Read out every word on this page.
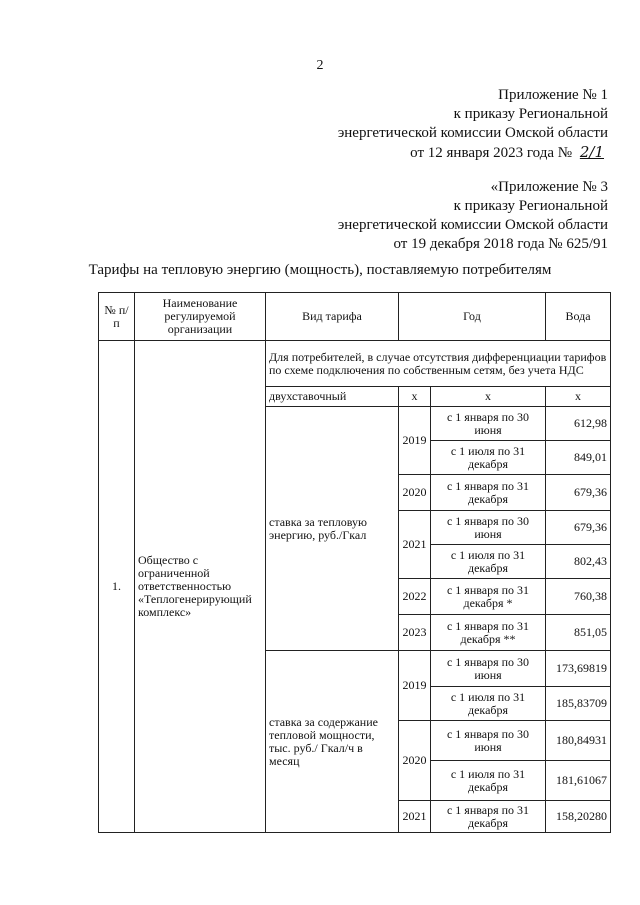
2
Приложение № 1
к приказу Региональной
энергетической комиссии Омской области
от 12 января 2023 года № 2/1
«Приложение № 3
к приказу Региональной
энергетической комиссии Омской области
от 19 декабря 2018 года № 625/91
Тарифы на тепловую энергию (мощность), поставляемую потребителям
№ п/п	Наименование регулируемой организации	Вид тарифа	Год		Вода
1.	Общество с ограниченной ответственностью «Теплогенерирующий комплекс»	Для потребителей, в случае отсутствия дифференциации тарифов по схеме подключения по собственным сетям, без учета НДС			
		двухставочный	х	х	х
		ставка за тепловую энергию, руб./Гкал	2019	с 1 января по 30 июня	612,98
				с 1 июля по 31 декабря	849,01
			2020	с 1 января по 31 декабря	679,36
			2021	с 1 января по 30 июня	679,36
				с 1 июля по 31 декабря	802,43
			2022	с 1 января по 31 декабря *	760,38
			2023	с 1 января по 31 декабря **	851,05
		ставка за содержание тепловой мощности, тыс. руб./ Гкал/ч в месяц	2019	с 1 января по 30 июня	173,69819
				с 1 июля по 31 декабря	185,83709
			2020	с 1 января по 30 июня	180,84931
				с 1 июля по 31 декабря	181,61067
			2021	с 1 января по 31 декабря	158,20280
